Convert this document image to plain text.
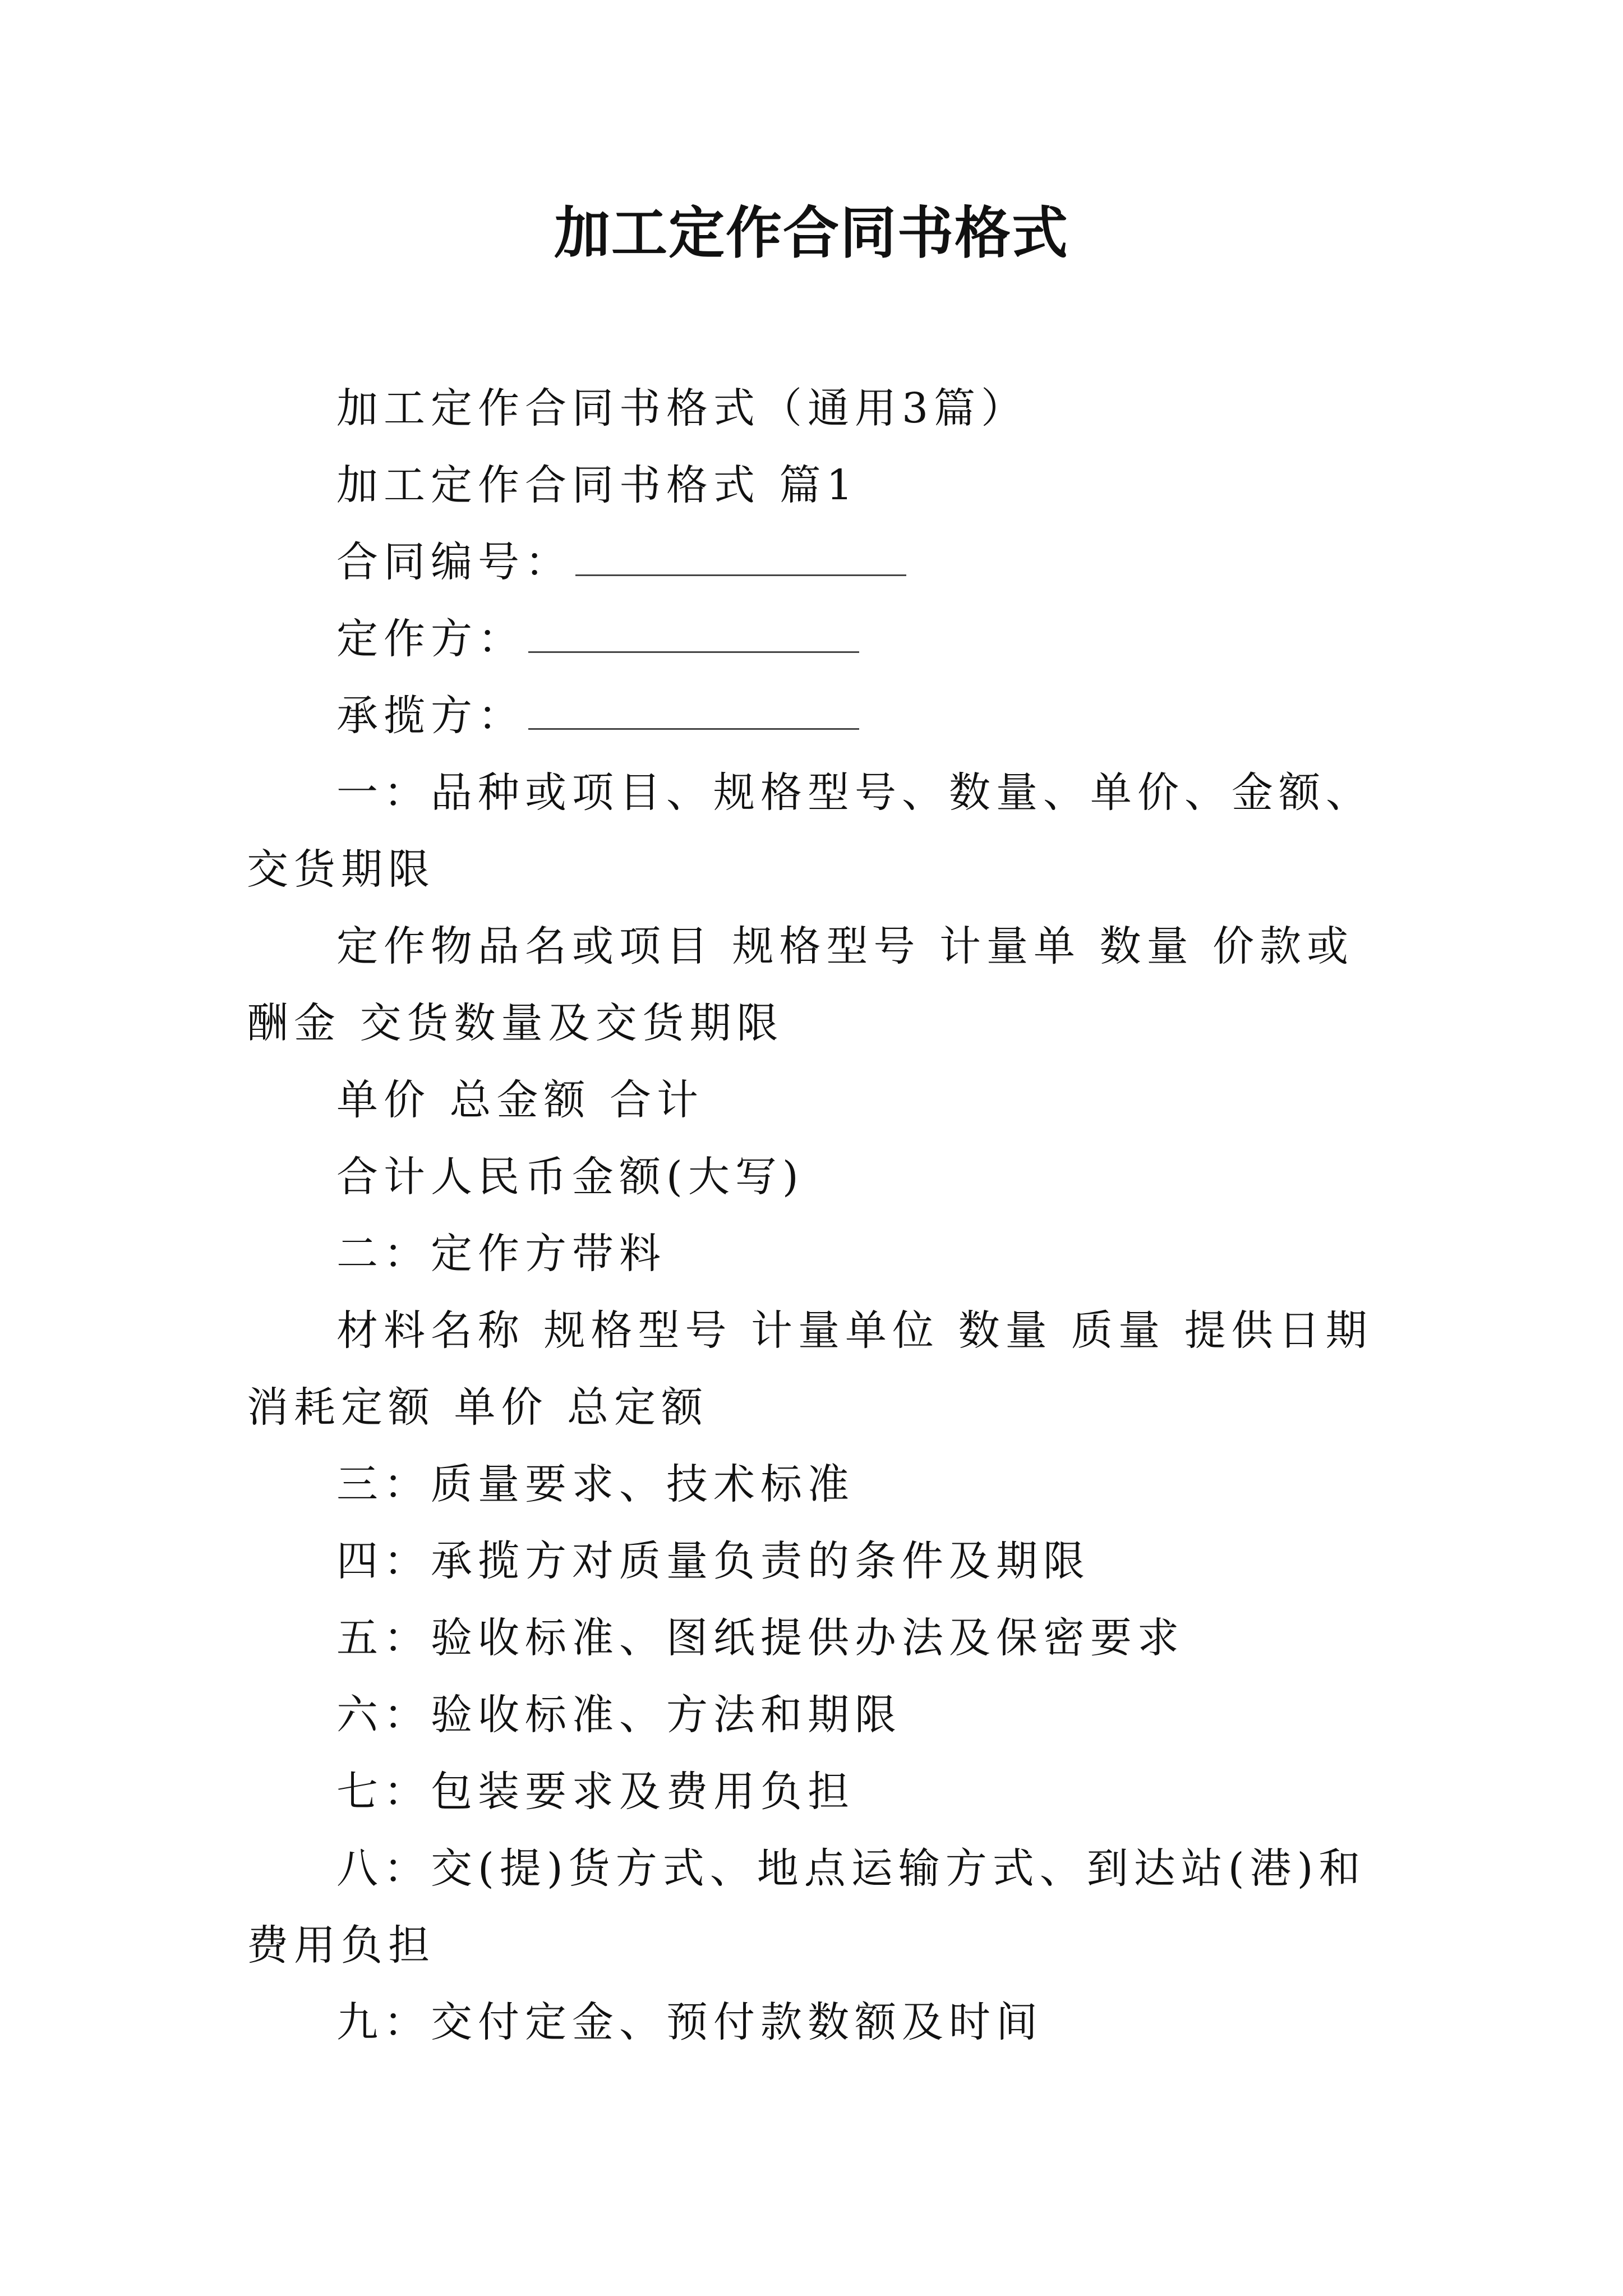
加工定作合同书格式

加工定作合同书格式（通用3篇）

加工定作合同书格式 篇1

合同编号：

定作方：

承揽方：

一：品种或项目、规格型号、数量、单价、金额、交货期限

定作物品名或项目 规格型号 计量单 数量 价款或酬金 交货数量及交货期限

单价 总金额 合计

合计人民币金额(大写)

二：定作方带料

材料名称 规格型号 计量单位 数量 质量 提供日期消耗定额 单价 总定额

三：质量要求、技术标准

四：承揽方对质量负责的条件及期限

五：验收标准、图纸提供办法及保密要求

六：验收标准、方法和期限

七：包装要求及费用负担

八：交(提)货方式、地点运输方式、到达站(港)和费用负担

九：交付定金、预付款数额及时间
